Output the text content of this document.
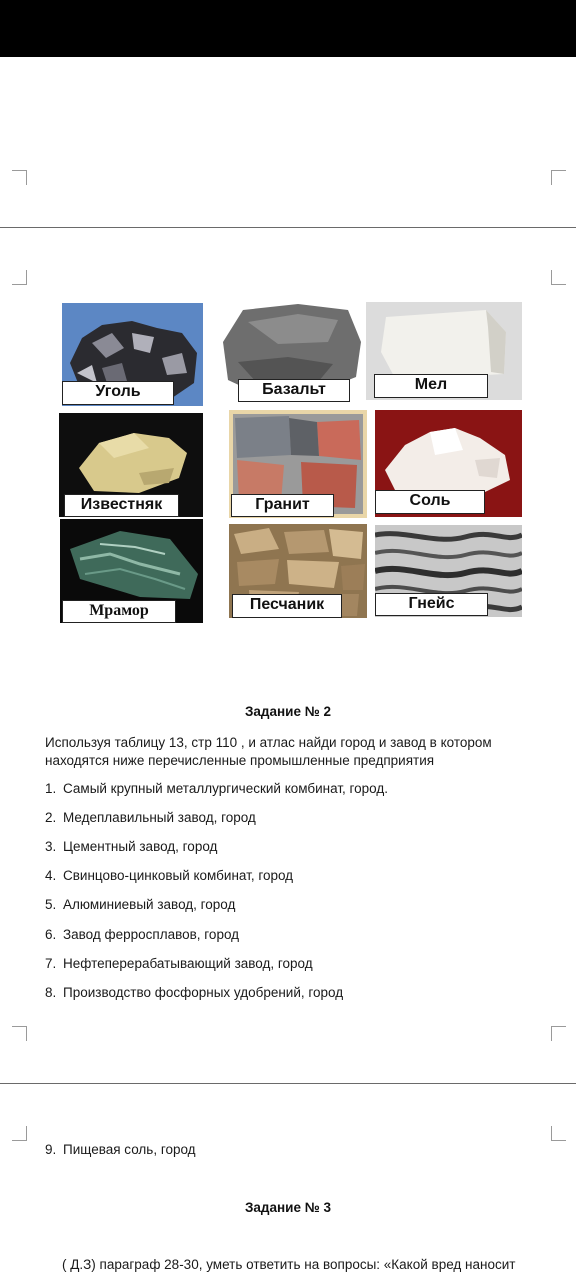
Уголь	Базальт	Мел
Известняк	Гранит	Соль
Мрамор	Песчаник	Гнейс
Задание № 2
Используя таблицу 13, стр 110 , и атлас найди город и завод в котором
находятся ниже перечисленные промышленные предприятия
1. Самый крупный металлургический комбинат, город.
2. Медеплавильный завод, город
3. Цементный завод, город
4. Свинцово-цинковый комбинат, город
5. Алюминиевый завод, город
6. Завод ферросплавов, город
7. Нефтеперерабатывающий завод, город
8. Производство фосфорных удобрений, город
9. Пищевая соль, город
Задание № 3
( Д.З) параграф 28-30, уметь ответить на вопросы: «Какой вред наносит
